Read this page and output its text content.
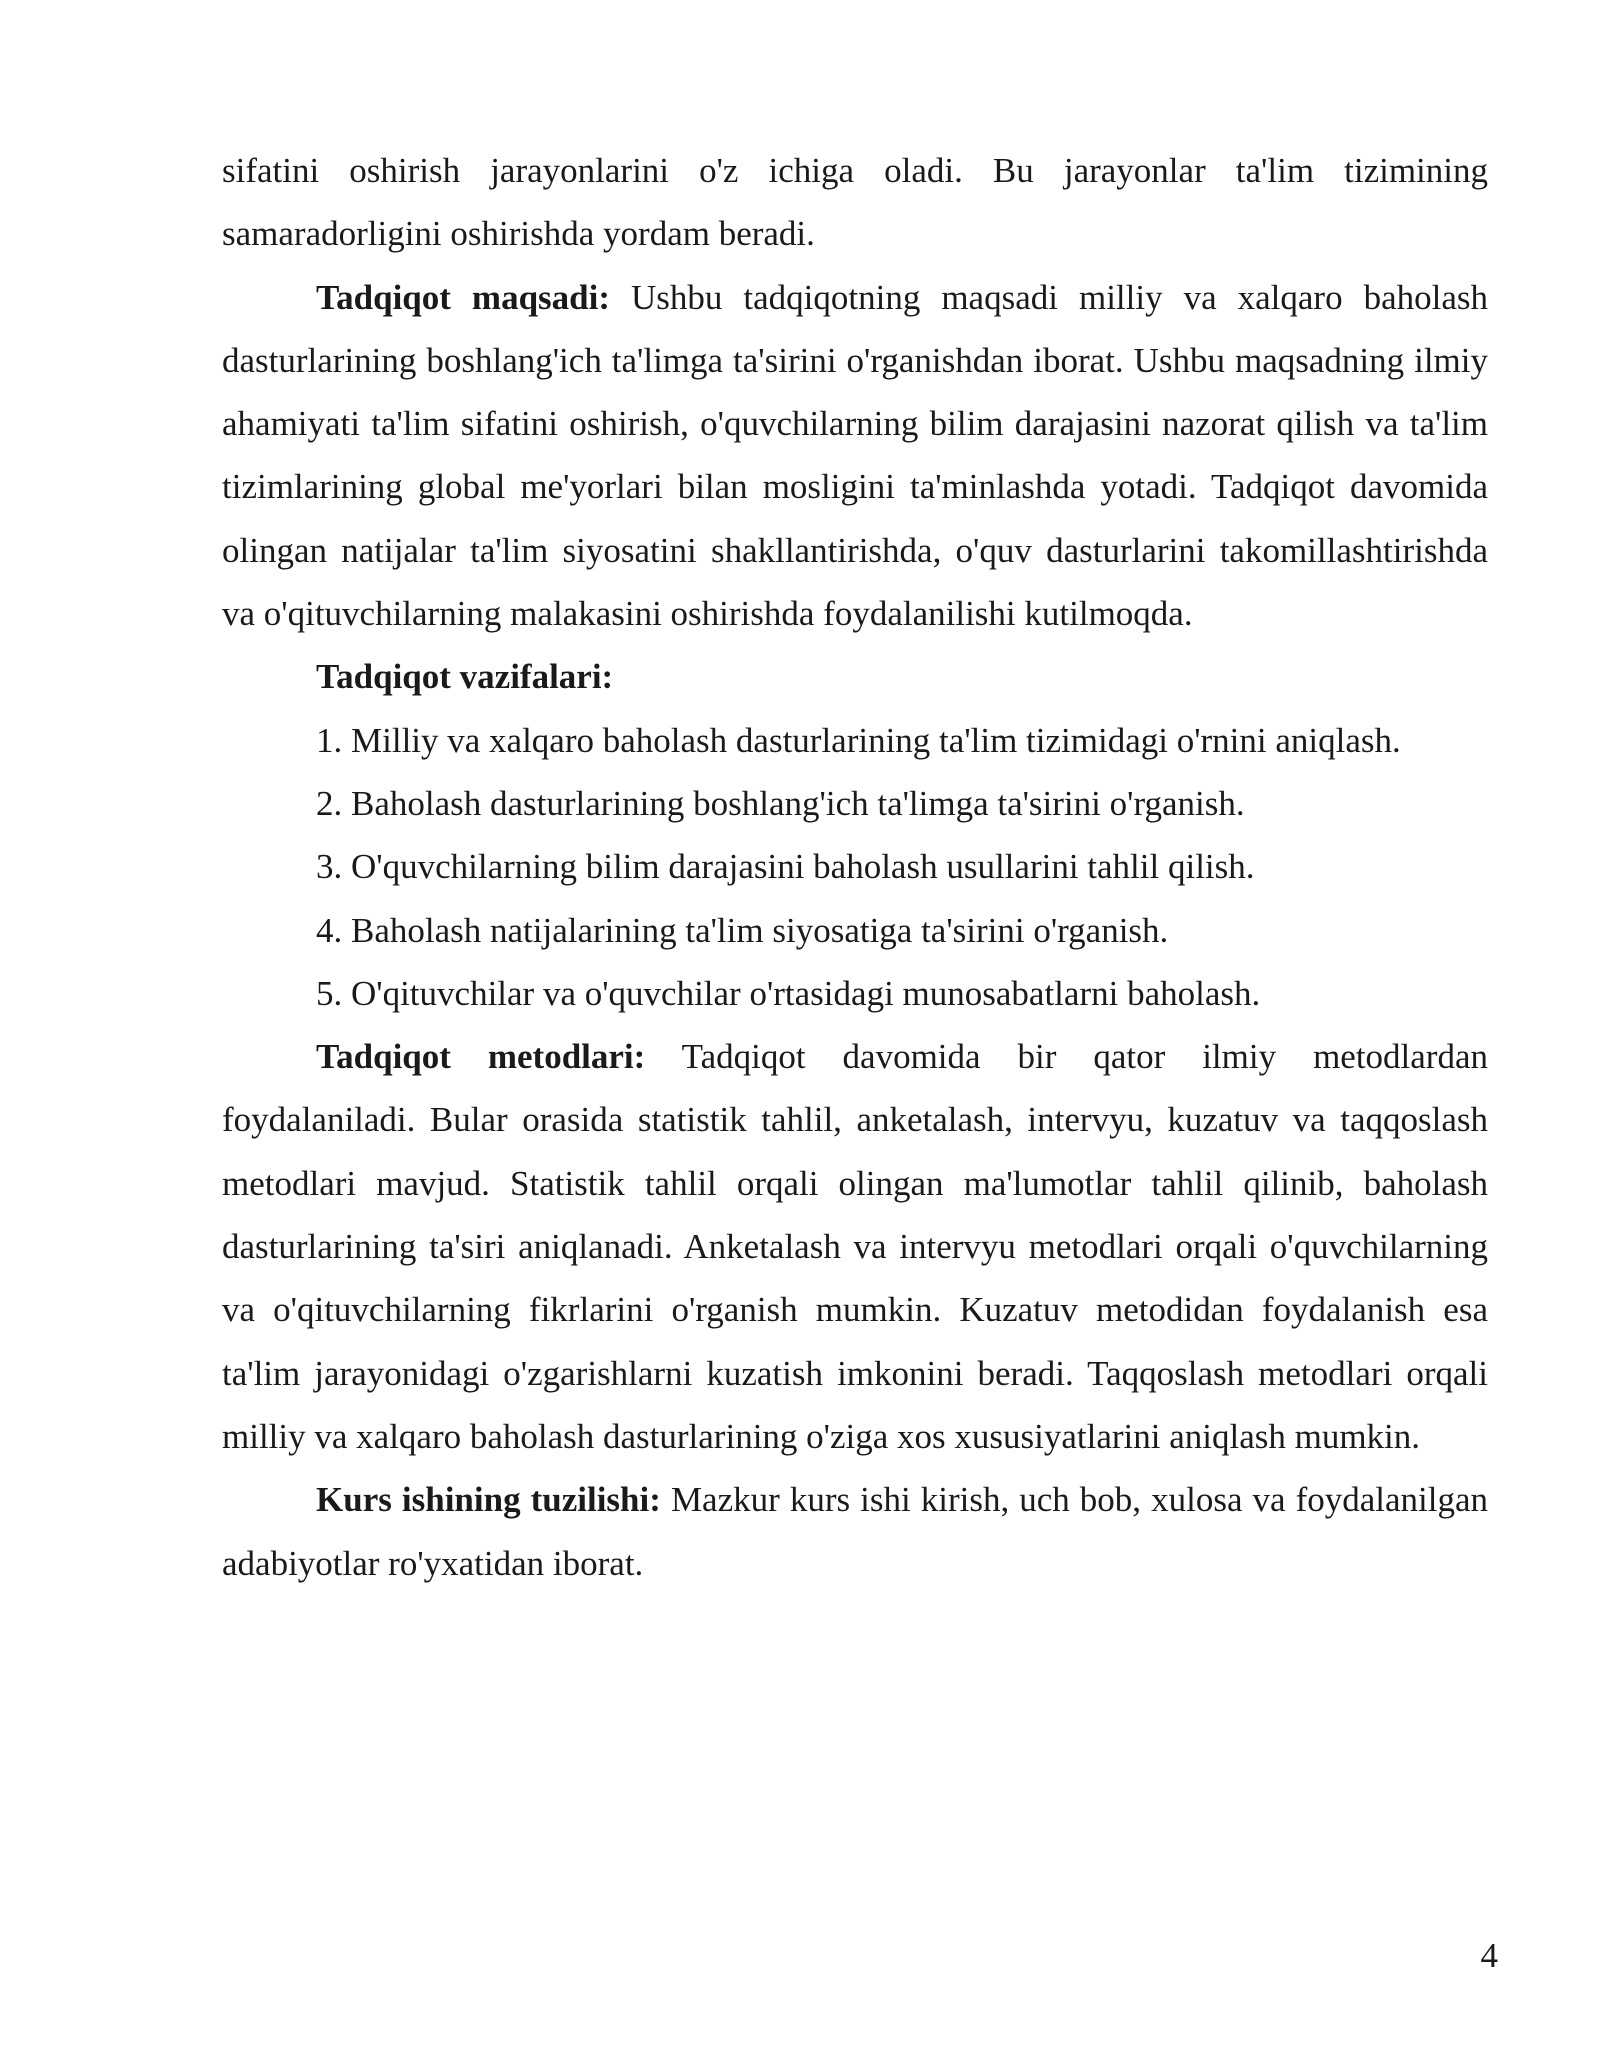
sifatini oshirish jarayonlarini o'z ichiga oladi. Bu jarayonlar ta'lim tizimining samaradorligini oshirishda yordam beradi.

Tadqiqot maqsadi: Ushbu tadqiqotning maqsadi milliy va xalqaro baholash dasturlarining boshlang'ich ta'limga ta'sirini o'rganishdan iborat. Ushbu maqsadning ilmiy ahamiyati ta'lim sifatini oshirish, o'quvchilarning bilim darajasini nazorat qilish va ta'lim tizimlarining global me'yorlari bilan mosligini ta'minlashda yotadi. Tadqiqot davomida olingan natijalar ta'lim siyosatini shakllantirishda, o'quv dasturlarini takomillashtirishda va o'qituvchilarning malakasini oshirishda foydalanilishi kutilmoqda.

Tadqiqot vazifalari:

1. Milliy va xalqaro baholash dasturlarining ta'lim tizimidagi o'rnini aniqlash.
2. Baholash dasturlarining boshlang'ich ta'limga ta'sirini o'rganish.
3. O'quvchilarning bilim darajasini baholash usullarini tahlil qilish.
4. Baholash natijalarining ta'lim siyosatiga ta'sirini o'rganish.
5. O'qituvchilar va o'quvchilar o'rtasidagi munosabatlarni baholash.

Tadqiqot metodlari: Tadqiqot davomida bir qator ilmiy metodlardan foydalaniladi. Bular orasida statistik tahlil, anketalash, intervyu, kuzatuv va taqqoslash metodlari mavjud. Statistik tahlil orqali olingan ma'lumotlar tahlil qilinib, baholash dasturlarining ta'siri aniqlanadi. Anketalash va intervyu metodlari orqali o'quvchilarning va o'qituvchilarning fikrlarini o'rganish mumkin. Kuzatuv metodidan foydalanish esa ta'lim jarayonidagi o'zgarishlarni kuzatish imkonini beradi. Taqqoslash metodlari orqali milliy va xalqaro baholash dasturlarining o'ziga xos xususiyatlarini aniqlash mumkin.

Kurs ishining tuzilishi: Mazkur kurs ishi kirish, uch bob, xulosa va foydalanilgan adabiyotlar ro'yxatidan iborat.

4
